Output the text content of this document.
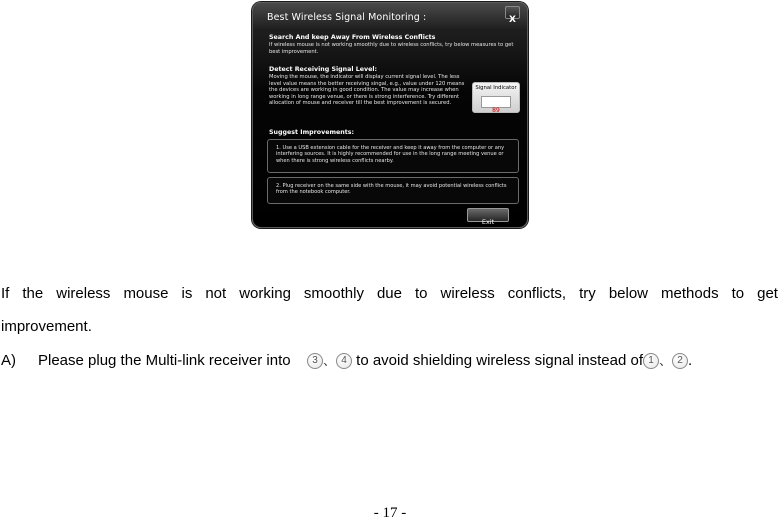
Best Wireless Signal Monitoring :	X
Search And keep Away From Wireless Conflicts
If wireless mouse is not working smoothly due to wireless conflicts, try below measures to get best improvement.
Detect Receiving Signal Level:
Moving the mouse, the indicator will display current signal level. The less level value means the better receiving singal, e.g., value under 120 means the devices are working in good condition. The value may increase when working in long range venue, or there is strong interference. Try different allocation of mouse and receiver till the best improvement is secured.
Signal Indicator
89
Suggest Improvements:
1. Use a USB extension cable for the receiver and keep it away from the computer or any interfering sources. It is highly recommended for use in the long range meeting venue or when there is strong wireless conflicts nearby.
2. Plug receiver on the same side with the mouse, it may avoid potential wireless conflicts from the notebook computer.
Exit
If the wireless mouse is not working smoothly due to wireless conflicts, try below methods to get
improvement.
A) Please plug the Multi-link receiver into 3 、 4 to avoid shielding wireless signal instead of 1 、 2 .
- 17 -
